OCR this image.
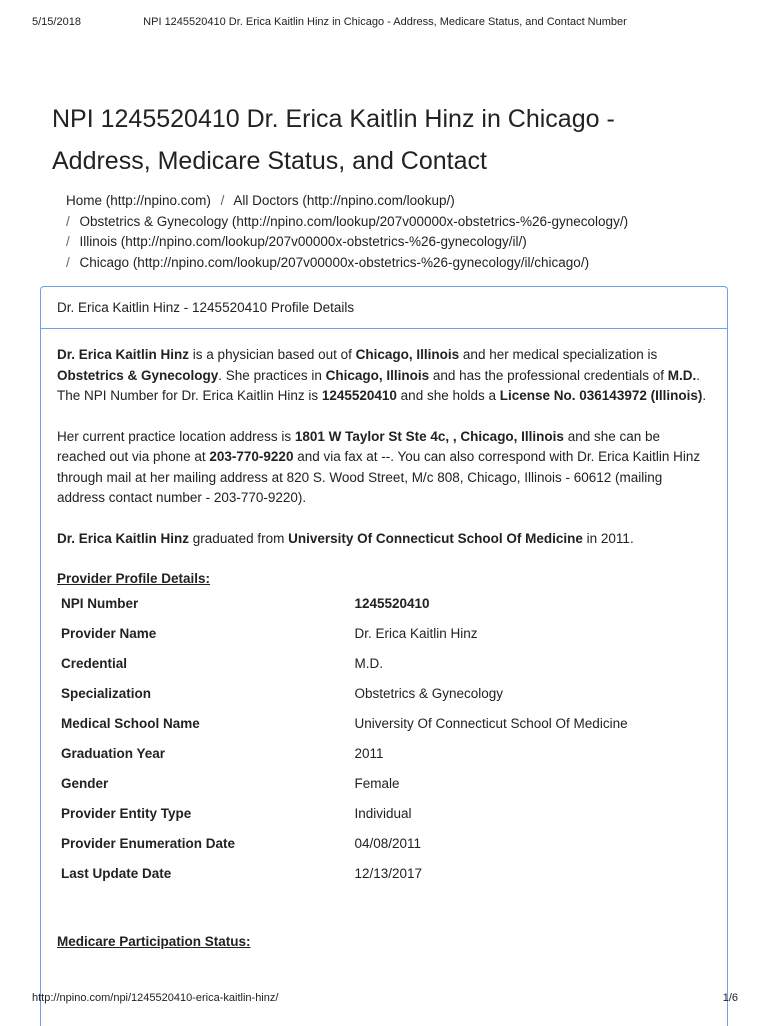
5/15/2018	NPI 1245520410 Dr. Erica Kaitlin Hinz in Chicago - Address, Medicare Status, and Contact Number
NPI 1245520410 Dr. Erica Kaitlin Hinz in Chicago -
Address, Medicare Status, and Contact
Home (http://npino.com) / All Doctors (http://npino.com/lookup/)
/ Obstetrics & Gynecology (http://npino.com/lookup/207v00000x-obstetrics-%26-gynecology/)
/ Illinois (http://npino.com/lookup/207v00000x-obstetrics-%26-gynecology/il/)
/ Chicago (http://npino.com/lookup/207v00000x-obstetrics-%26-gynecology/il/chicago/)
Dr. Erica Kaitlin Hinz - 1245520410 Profile Details

Dr. Erica Kaitlin Hinz is a physician based out of Chicago, Illinois and her medical specialization is Obstetrics & Gynecology. She practices in Chicago, Illinois and has the professional credentials of M.D.. The NPI Number for Dr. Erica Kaitlin Hinz is 1245520410 and she holds a License No. 036143972 (Illinois).

Her current practice location address is 1801 W Taylor St Ste 4c, , Chicago, Illinois and she can be reached out via phone at 203-770-9220 and via fax at --. You can also correspond with Dr. Erica Kaitlin Hinz through mail at her mailing address at 820 S. Wood Street, M/c 808, Chicago, Illinois - 60612 (mailing address contact number - 203-770-9220).

Dr. Erica Kaitlin Hinz graduated from University Of Connecticut School Of Medicine in 2011.

Provider Profile Details:
NPI Number	1245520410
Provider Name	Dr. Erica Kaitlin Hinz
Credential	M.D.
Specialization	Obstetrics & Gynecology
Medical School Name	University Of Connecticut School Of Medicine
Graduation Year	2011
Gender	Female
Provider Entity Type	Individual
Provider Enumeration Date	04/08/2011
Last Update Date	12/13/2017
Medicare Participation Status:
http://npino.com/npi/1245520410-erica-kaitlin-hinz/	1/6
